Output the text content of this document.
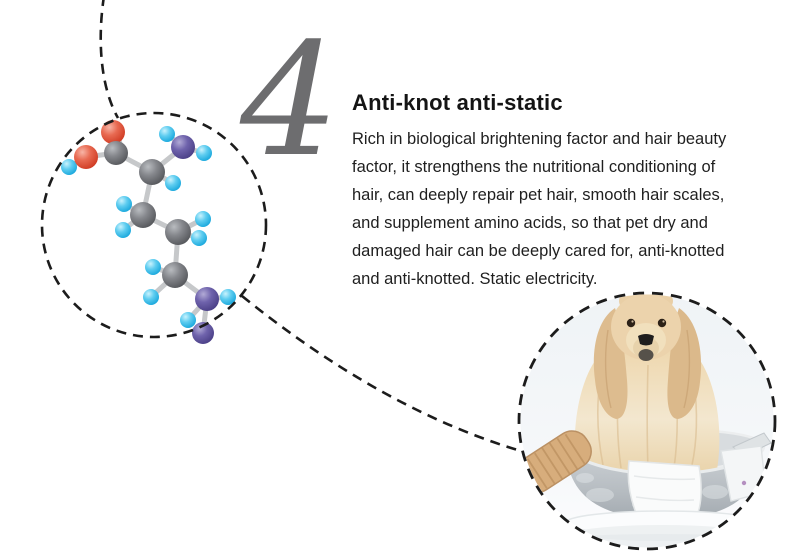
4 Anti-knot anti-static
Rich in biological brightening factor and hair beauty
factor, it strengthens the nutritional conditioning of
hair, can deeply repair pet hair, smooth hair scales,
and supplement amino acids, so that pet dry and
damaged hair can be deeply cared for, anti-knotted
and anti-knotted. Static electricity.
